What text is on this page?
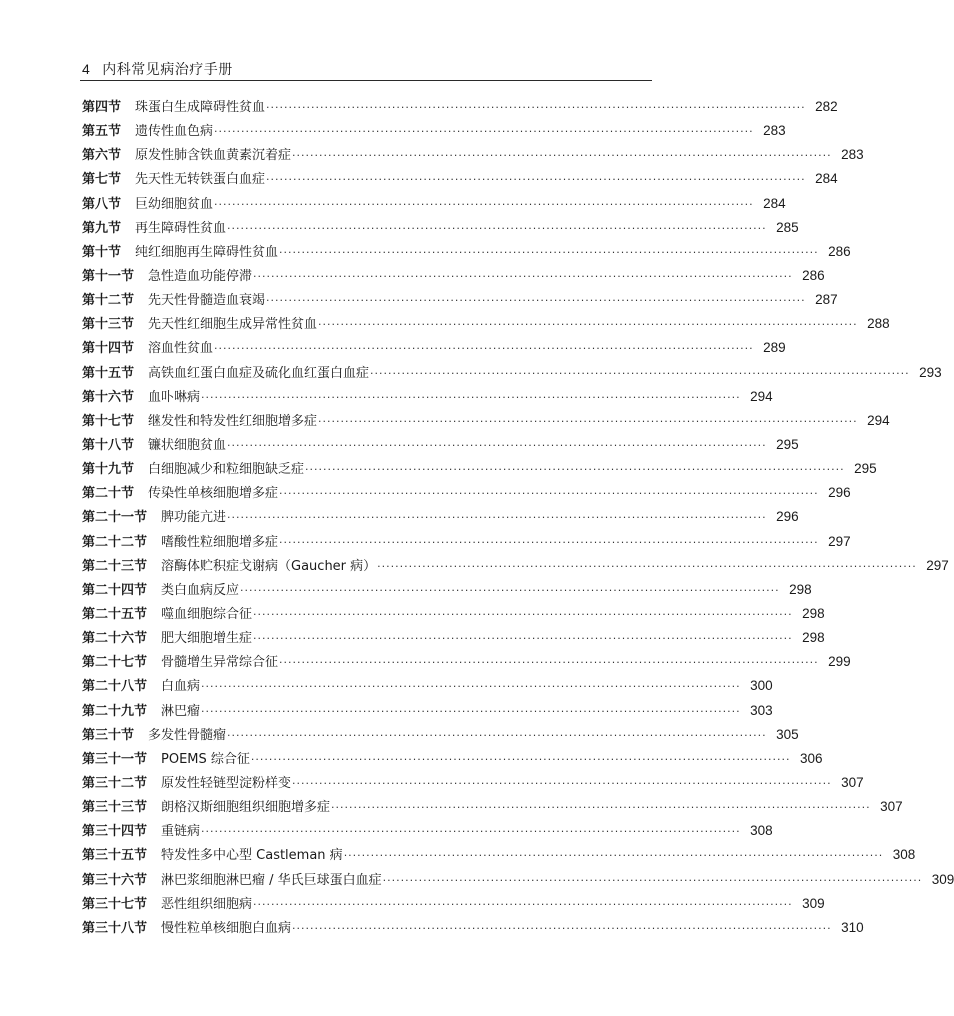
4 内科常见病治疗手册
第四节 珠蛋白生成障碍性贫血 ························································································································ 282
第五节 遗传性血色病 ························································································································ 283
第六节 原发性肺含铁血黄素沉着症 ························································································································ 283
第七节 先天性无转铁蛋白血症 ························································································································ 284
第八节 巨幼细胞贫血 ························································································································ 284
第九节 再生障碍性贫血 ························································································································ 285
第十节 纯红细胞再生障碍性贫血 ························································································································ 286
第十一节 急性造血功能停滞 ························································································································ 286
第十二节 先天性骨髓造血衰竭 ························································································································ 287
第十三节 先天性红细胞生成异常性贫血 ························································································································ 288
第十四节 溶血性贫血 ························································································································ 289
第十五节 高铁血红蛋白血症及硫化血红蛋白血症 ························································································································ 293
第十六节 血卟啉病 ························································································································ 294
第十七节 继发性和特发性红细胞增多症 ························································································································ 294
第十八节 镰状细胞贫血 ························································································································ 295
第十九节 白细胞减少和粒细胞缺乏症 ························································································································ 295
第二十节 传染性单核细胞增多症 ························································································································ 296
第二十一节 脾功能亢进 ························································································································ 296
第二十二节 嗜酸性粒细胞增多症 ························································································································ 297
第二十三节 溶酶体贮积症戈谢病（Gaucher 病） ························································································································ 297
第二十四节 类白血病反应 ························································································································ 298
第二十五节 噬血细胞综合征 ························································································································ 298
第二十六节 肥大细胞增生症 ························································································································ 298
第二十七节 骨髓增生异常综合征 ························································································································ 299
第二十八节 白血病 ························································································································ 300
第二十九节 淋巴瘤 ························································································································ 303
第三十节 多发性骨髓瘤 ························································································································ 305
第三十一节 POEMS 综合征 ························································································································ 306
第三十二节 原发性轻链型淀粉样变 ························································································································ 307
第三十三节 朗格汉斯细胞组织细胞增多症 ························································································································ 307
第三十四节 重链病 ························································································································ 308
第三十五节 特发性多中心型 Castleman 病 ························································································································ 308
第三十六节 淋巴浆细胞淋巴瘤 / 华氏巨球蛋白血症 ························································································································ 309
第三十七节 恶性组织细胞病 ························································································································ 309
第三十八节 慢性粒单核细胞白血病 ························································································································ 310
